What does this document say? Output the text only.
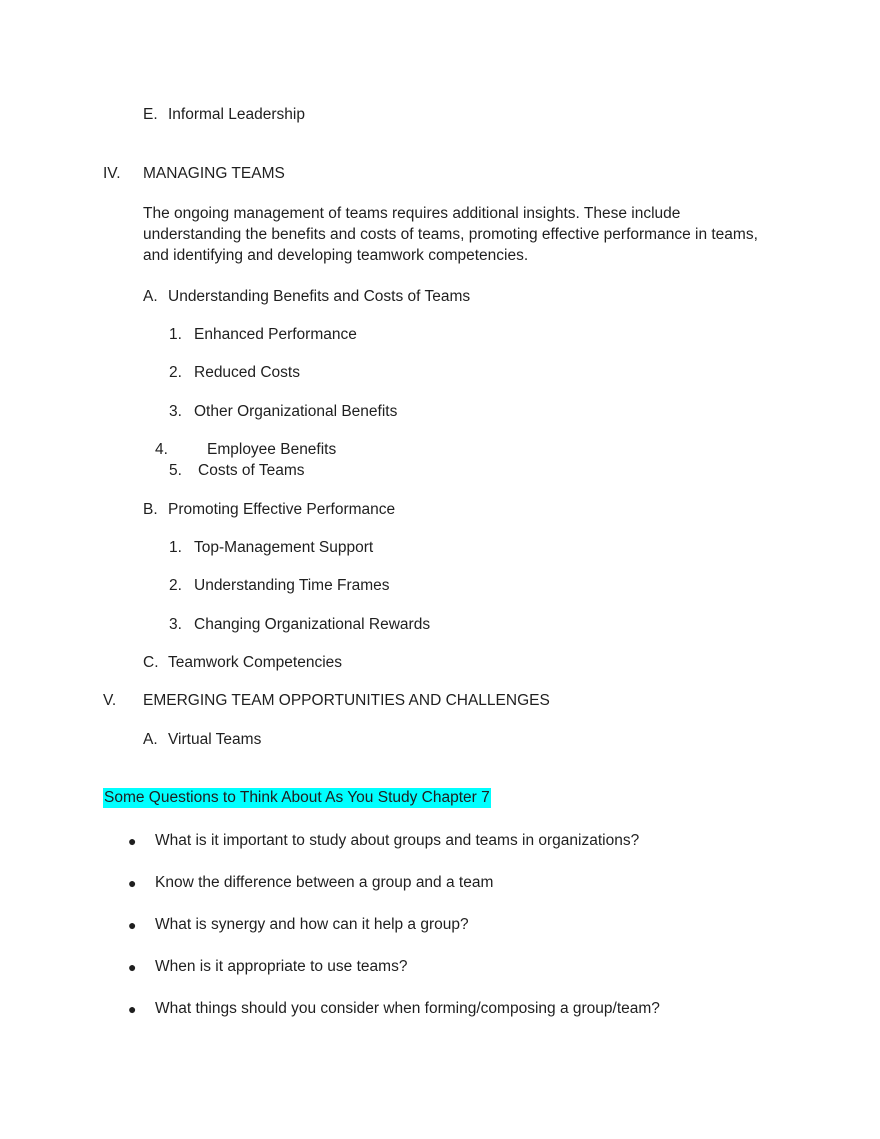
E. Informal Leadership
IV. MANAGING TEAMS
The ongoing management of teams requires additional insights. These include
understanding the benefits and costs of teams, promoting effective performance in teams,
and identifying and developing teamwork competencies.
A. Understanding Benefits and Costs of Teams
1. Enhanced Performance
2. Reduced Costs
3. Other Organizational Benefits
4.	Employee Benefits
5. Costs of Teams
B. Promoting Effective Performance
1. Top-Management Support
2. Understanding Time Frames
3. Changing Organizational Rewards
C. Teamwork Competencies
V. EMERGING TEAM OPPORTUNITIES AND CHALLENGES
A. Virtual Teams
Some Questions to Think About As You Study Chapter 7
● What is it important to study about groups and teams in organizations?
● Know the difference between a group and a team
● What is synergy and how can it help a group?
● When is it appropriate to use teams?
● What things should you consider when forming/composing a group/team?
